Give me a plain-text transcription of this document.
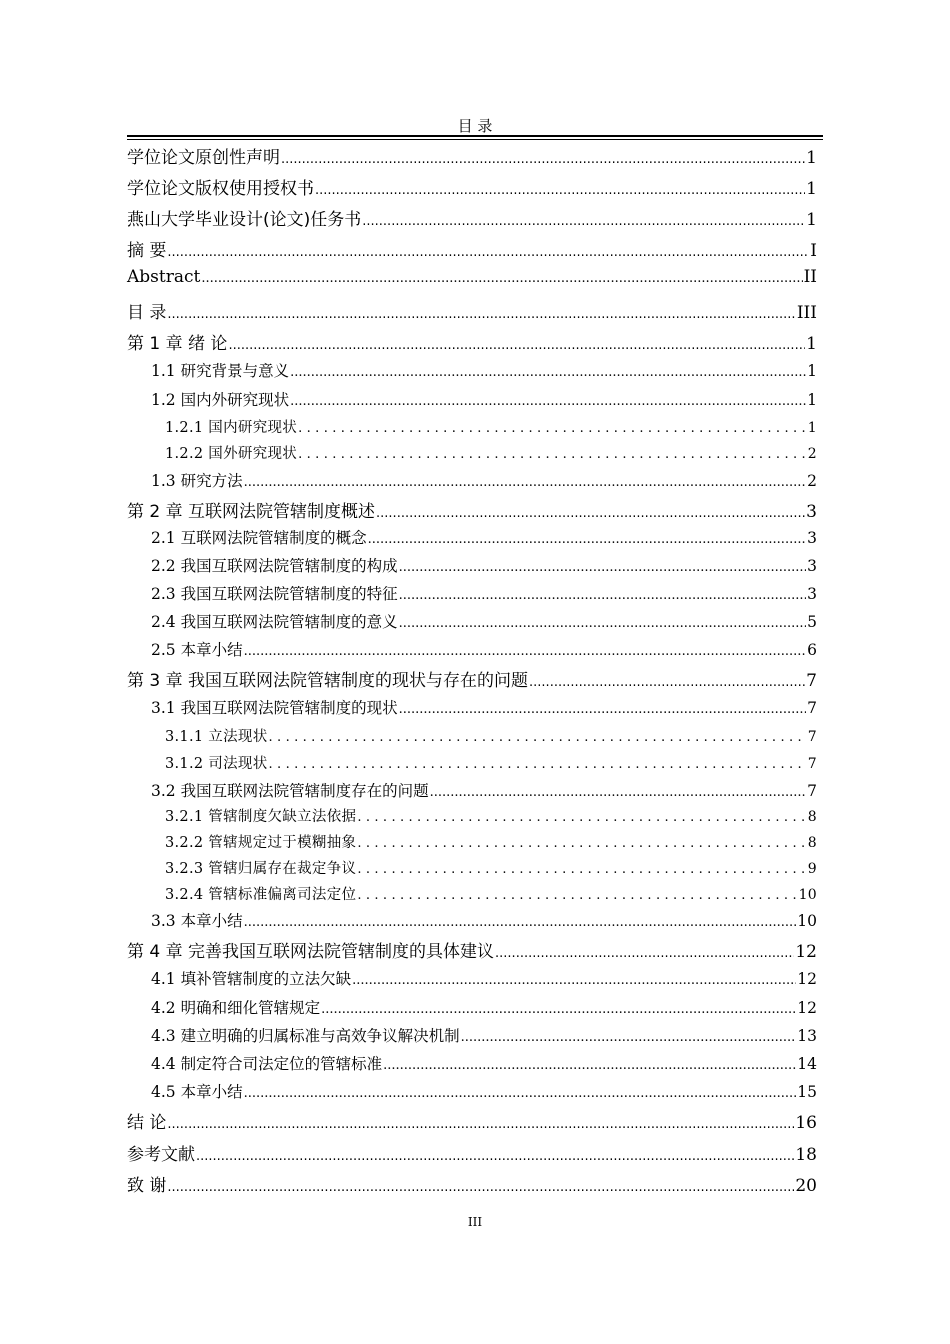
目 录
学位论文原创性声明 .....	1
学位论文版权使用授权书 .....	1
燕山大学毕业设计(论文)任务书 .....	1
摘 要 .....	I
Abstract .....	II
目 录 .....	III
第 1 章 绪 论 .....	1
1.1 研究背景与意义 .....	1
1.2 国内外研究现状 .....	1
1.2.1 国内研究现状 .....	1
1.2.2 国外研究现状 .....	2
1.3 研究方法 .....	2
第 2 章 互联网法院管辖制度概述 .....	3
2.1 互联网法院管辖制度的概念 .....	3
2.2 我国互联网法院管辖制度的构成 .....	3
2.3 我国互联网法院管辖制度的特征 .....	3
2.4 我国互联网法院管辖制度的意义 .....	5
2.5 本章小结 .....	6
第 3 章 我国互联网法院管辖制度的现状与存在的问题 .....	7
3.1 我国互联网法院管辖制度的现状 .....	7
3.1.1 立法现状 .....	7
3.1.2 司法现状 .....	7
3.2 我国互联网法院管辖制度存在的问题 .....	7
3.2.1 管辖制度欠缺立法依据 .....	8
3.2.2 管辖规定过于模糊抽象 .....	8
3.2.3 管辖归属存在裁定争议 .....	9
3.2.4 管辖标准偏离司法定位 .....	10
3.3 本章小结 .....	10
第 4 章 完善我国互联网法院管辖制度的具体建议 .....	12
4.1 填补管辖制度的立法欠缺 .....	12
4.2 明确和细化管辖规定 .....	12
4.3 建立明确的归属标准与高效争议解决机制 .....	13
4.4 制定符合司法定位的管辖标准 .....	14
4.5 本章小结 .....	15
结 论 .....	16
参考文献 .....	18
致 谢 .....	20
III
